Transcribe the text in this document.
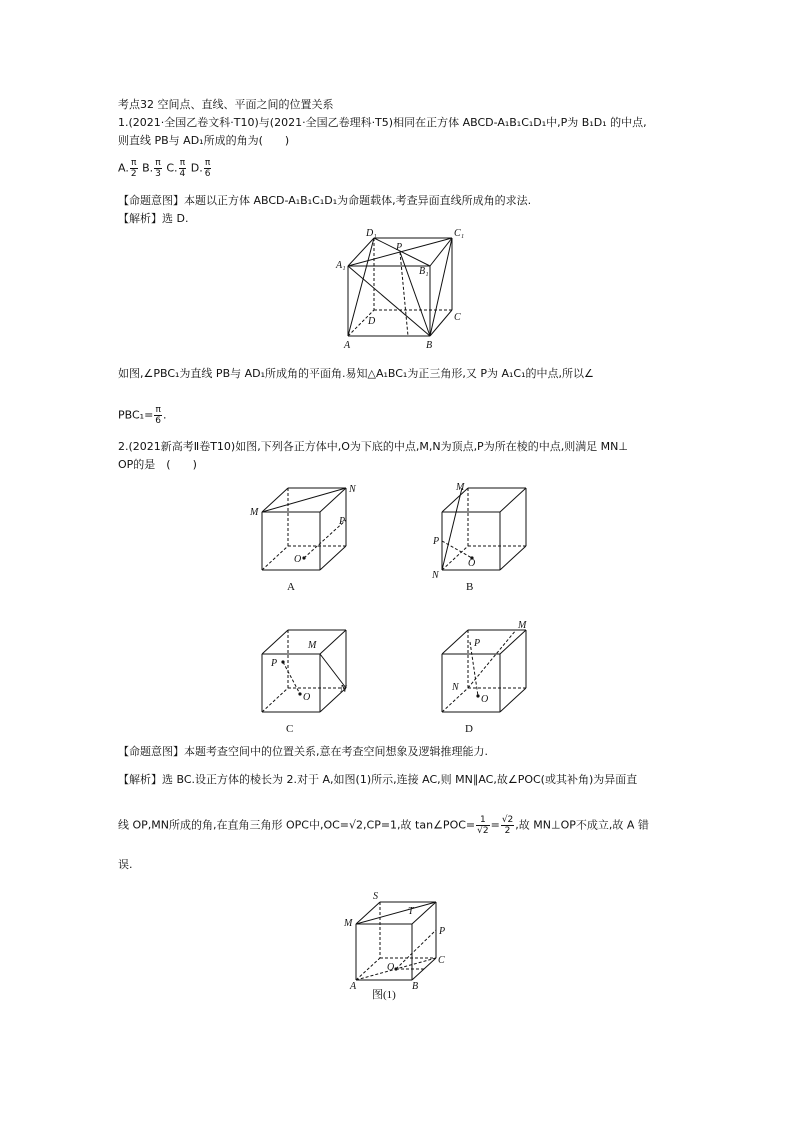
考点32 空间点、直线、平面之间的位置关系
1.(2021·全国乙卷文科·T10)与(2021·全国乙卷理科·T5)相同在正方体 ABCD-A₁B₁C₁D₁中,P为 B₁D₁ 的中点,
则直线 PB与 AD₁所成的角为(　　)
A. $\frac{\pi}{2} B$. $\frac{\pi}{3} C$. $\frac{\pi}{4} D$. $\frac{\pi}{6}$
【命题意图】本题以正方体 ABCD-A₁B₁C₁D₁为命题载体,考查异面直线所成角的求法.
【解析】选 D.
D₁
P
C₁
A₁
B₁
D	C
A	B
如图,∠PBC₁为直线 PB与 AD₁所成角的平面角.易知△A₁BC₁为正三角形,又 P为 A₁C₁的中点,所以∠
$PBC_1= \frac{\pi}{6}$ .
2.(2021新高考Ⅱ卷T10)如图,下列各正方体中,O为下底的中点,M,N为顶点,P为所在棱的中点,则满足 MN⊥
OP的是　(　　)
M
N
P
O
A
M
N
P
O
B
M
N
P
O
C
M
N
P
O
D
【命题意图】本题考查空间中的位置关系,意在考查空间想象及逻辑推理能力.
【解析】选 BC.设正方体的棱长为 2.对于 A,如图(1)所示,连接 AC,则 MN∥AC,故∠POC(或其补角)为异面直
线 OP,MN所成的角,在直角三角形 OPC中,OC=√2,CP=1,故 tan∠POC= $\frac{1}{√2} = \frac{√2}{2}$ ,故 MN⊥OP不成立,故 A 错
误.
S
M
T
P
O
C
A	B
图(1)
